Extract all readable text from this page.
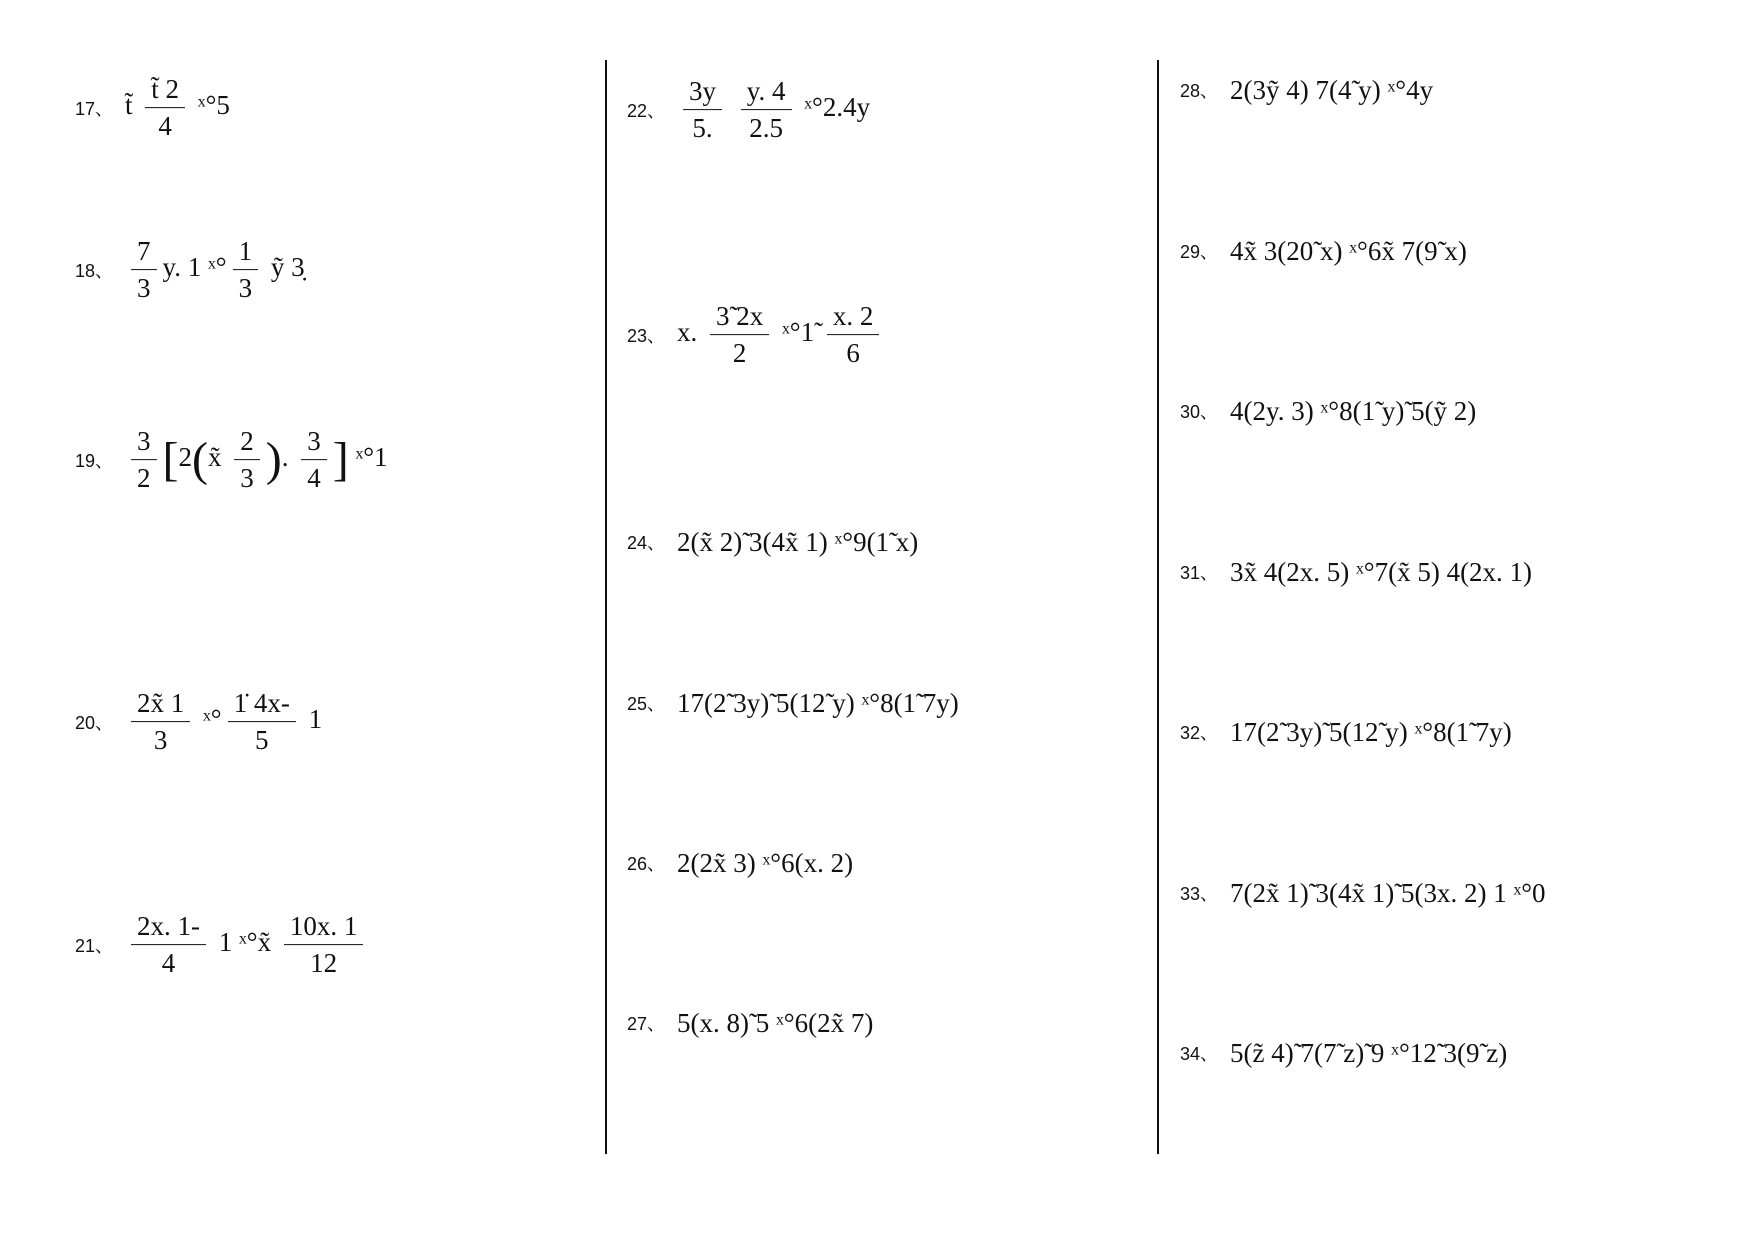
17、 t̃ $\frac{t̃ 2}{4}$ ˣ°5
18、 $\frac{7}{3} y$. 1 ˣ° $\frac{1}{3}$ ỹ 3̣
19、 $\frac{3}{2}$ [2(x̃ $\frac{2}{3}$ ). $\frac{3}{4}$ ] ˣ°1
20、 $\frac{2x̃ 1}{3}$ ˣ° $\frac{1̇ 4x-}{5} 1$
21、 $\frac{2x. 1-}{4} 1$ ˣ°x̃ $\frac{10x. 1}{12}$
22、 $\frac{3y}{5.}$
$\frac{y. 4}{2.5}$ ˣ°2.4y
23、 x. $\frac{3̃ 2x}{2}$ ˣ°1̃ $\frac{x. 2}{6}$
24、 2(x̃ 2)̃ 3(4x̃ 1) ˣ°9(1̃ x)
25、 17(2̃ 3y)̃ 5(12̃ y) ˣ°8(1̃ 7y)
26、 2(2x̃ 3) ˣ°6(x. 2)
27、 5(x. 8)̃ 5 ˣ°6(2x̃ 7)
28、 2(3ỹ 4) 7(4̃ y) ˣ°4y
29、 4x̃ 3(20̃ x) ˣ°6x̃ 7(9̃ x)
30、 4(2y. 3) ˣ°8(1̃ y)̃ 5(ỹ 2)
31、 3x̃ 4(2x. 5) ˣ°7(x̃ 5) 4(2x. 1)
32、 17(2̃ 3y)̃ 5(12̃ y) ˣ°8(1̃ 7y)
33、 7(2x̃ 1)̃ 3(4x̃ 1)̃ 5(3x. 2) 1 ˣ°0
34、 5(z̃ 4)̃ 7(7̃ z)̃ 9 ˣ°12̃ 3(9̃ z)
